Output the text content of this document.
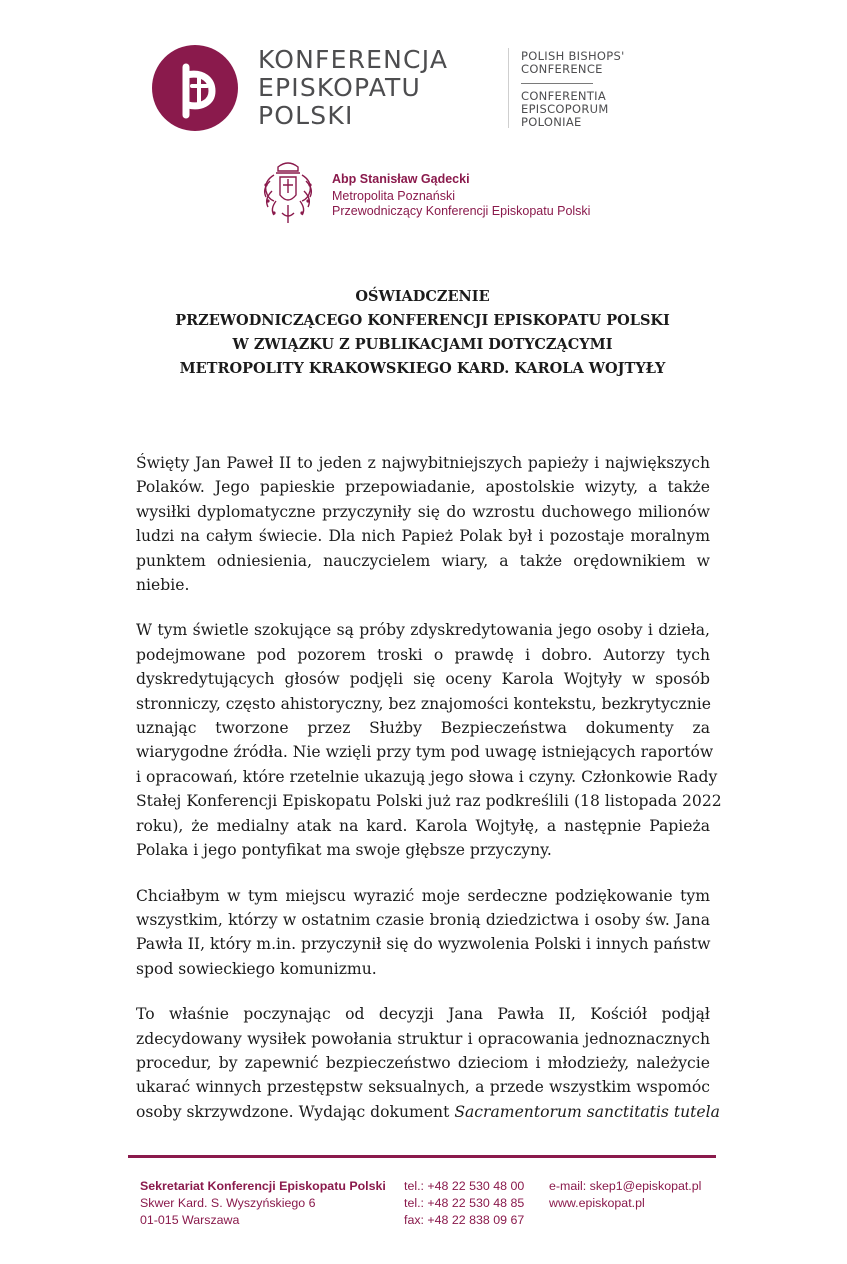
KONFERENCJA
EPISKOPATU
POLSKI
POLISH BISHOPS'
CONFERENCE
CONFERENTIA
EPISCOPORUM
POLONIAE
Abp Stanisław Gądecki
Metropolita Poznański
Przewodniczący Konferencji Episkopatu Polski
OŚWIADCZENIE
PRZEWODNICZĄCEGO KONFERENCJI EPISKOPATU POLSKI
W ZWIĄZKU Z PUBLIKACJAMI DOTYCZĄCYMI
METROPOLITY KRAKOWSKIEGO KARD. KAROLA WOJTYŁY

Święty Jan Paweł II to jeden z najwybitniejszych papieży i największych
Polaków. Jego papieskie przepowiadanie, apostolskie wizyty, a także
wysiłki dyplomatyczne przyczyniły się do wzrostu duchowego milionów
ludzi na całym świecie. Dla nich Papież Polak był i pozostaje moralnym
punktem odniesienia, nauczycielem wiary, a także orędownikiem w
niebie.

W tym świetle szokujące są próby zdyskredytowania jego osoby i dzieła,
podejmowane pod pozorem troski o prawdę i dobro. Autorzy tych
dyskredytujących głosów podjęli się oceny Karola Wojtyły w sposób
stronniczy, często ahistoryczny, bez znajomości kontekstu, bezkrytycznie
uznając tworzone przez Służby Bezpieczeństwa dokumenty za
wiarygodne źródła. Nie wzięli przy tym pod uwagę istniejących raportów
i opracowań, które rzetelnie ukazują jego słowa i czyny. Członkowie Rady
Stałej Konferencji Episkopatu Polski już raz podkreślili (18 listopada 2022
roku), że medialny atak na kard. Karola Wojtyłę, a następnie Papieża
Polaka i jego pontyfikat ma swoje głębsze przyczyny.

Chciałbym w tym miejscu wyrazić moje serdeczne podziękowanie tym
wszystkim, którzy w ostatnim czasie bronią dziedzictwa i osoby św. Jana
Pawła II, który m.in. przyczynił się do wyzwolenia Polski i innych państw
spod sowieckiego komunizmu.

To właśnie poczynając od decyzji Jana Pawła II, Kościół podjął
zdecydowany wysiłek powołania struktur i opracowania jednoznacznych
procedur, by zapewnić bezpieczeństwo dzieciom i młodzieży, należycie
ukarać winnych przestępstw seksualnych, a przede wszystkim wspomóc
osoby skrzywdzone. Wydając dokument Sacramentorum sanctitatis tutela

Sekretariat Konferencji Episkopatu Polski
Skwer Kard. S. Wyszyńskiego 6
01-015 Warszawa
tel.: +48 22 530 48 00
tel.: +48 22 530 48 85
fax: +48 22 838 09 67
e-mail: skep1@episkopat.pl
www.episkopat.pl
